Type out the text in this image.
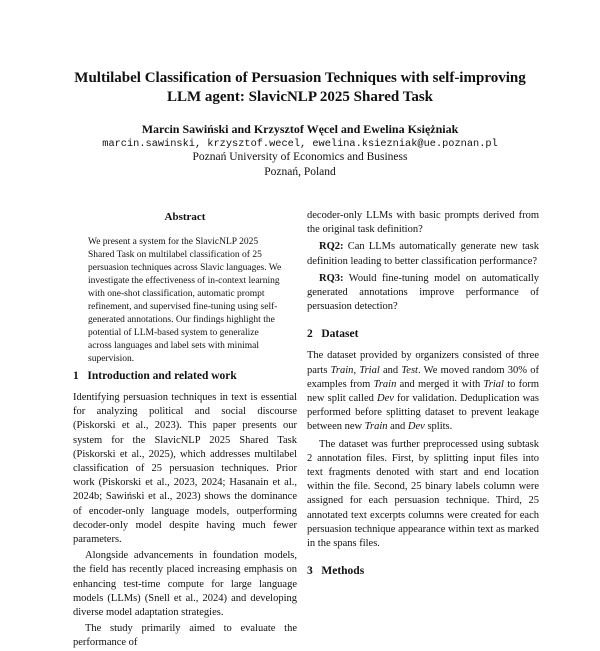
Multilabel Classification of Persuasion Techniques with self-improving
LLM agent: SlavicNLP 2025 Shared Task
Marcin Sawiński and Krzysztof Węcel and Ewelina Księżniak
marcin.sawinski, krzysztof.wecel, ewelina.ksiezniak@ue.poznan.pl
Poznań University of Economics and Business
Poznań, Poland
Abstract
We present a system for the SlavicNLP 2025 Shared Task on multilabel classification of 25 persuasion techniques across Slavic languages. We investigate the effectiveness of in-context learning with one-shot classification, automatic prompt refinement, and supervised fine-tuning using self-generated annotations. Our findings highlight the potential of LLM-based system to generalize across languages and label sets with minimal supervision.
1   Introduction and related work

Identifying persuasion techniques in text is essential for analyzing political and social discourse (Piskorski et al., 2023). This paper presents our system for the SlavicNLP 2025 Shared Task (Piskorski et al., 2025), which addresses multilabel classification of 25 persuasion techniques. Prior work (Piskorski et al., 2023, 2024; Hasanain et al., 2024b; Sawiński et al., 2023) shows the dominance of encoder-only language models, outperforming decoder-only model despite having much fewer parameters.

Alongside advancements in foundation models, the field has recently placed increasing emphasis on enhancing test-time compute for large language models (LLMs) (Snell et al., 2024) and developing diverse model adaptation strategies.

The study primarily aimed to evaluate the performance of

decoder-only LLMs with basic prompts derived from the original task definition?

RQ2: Can LLMs automatically generate new task definition leading to better classification performance?

RQ3: Would fine-tuning model on automatically generated annotations improve performance of persuasion detection?

2   Dataset

The dataset provided by organizers consisted of three parts Train, Trial and Test. We moved random 30% of examples from Train and merged it with Trial to form new split called Dev for validation. Deduplication was performed before splitting dataset to prevent leakage between new Train and Dev splits.

The dataset was further preprocessed using subtask 2 annotation files. First, by splitting input files into text fragments denoted with start and end location within the file. Second, 25 binary labels column were assigned for each persuasion technique. Third, 25 annotated text excerpts columns were created for each persuasion technique appearance within text as marked in the spans files.

3   Methods
